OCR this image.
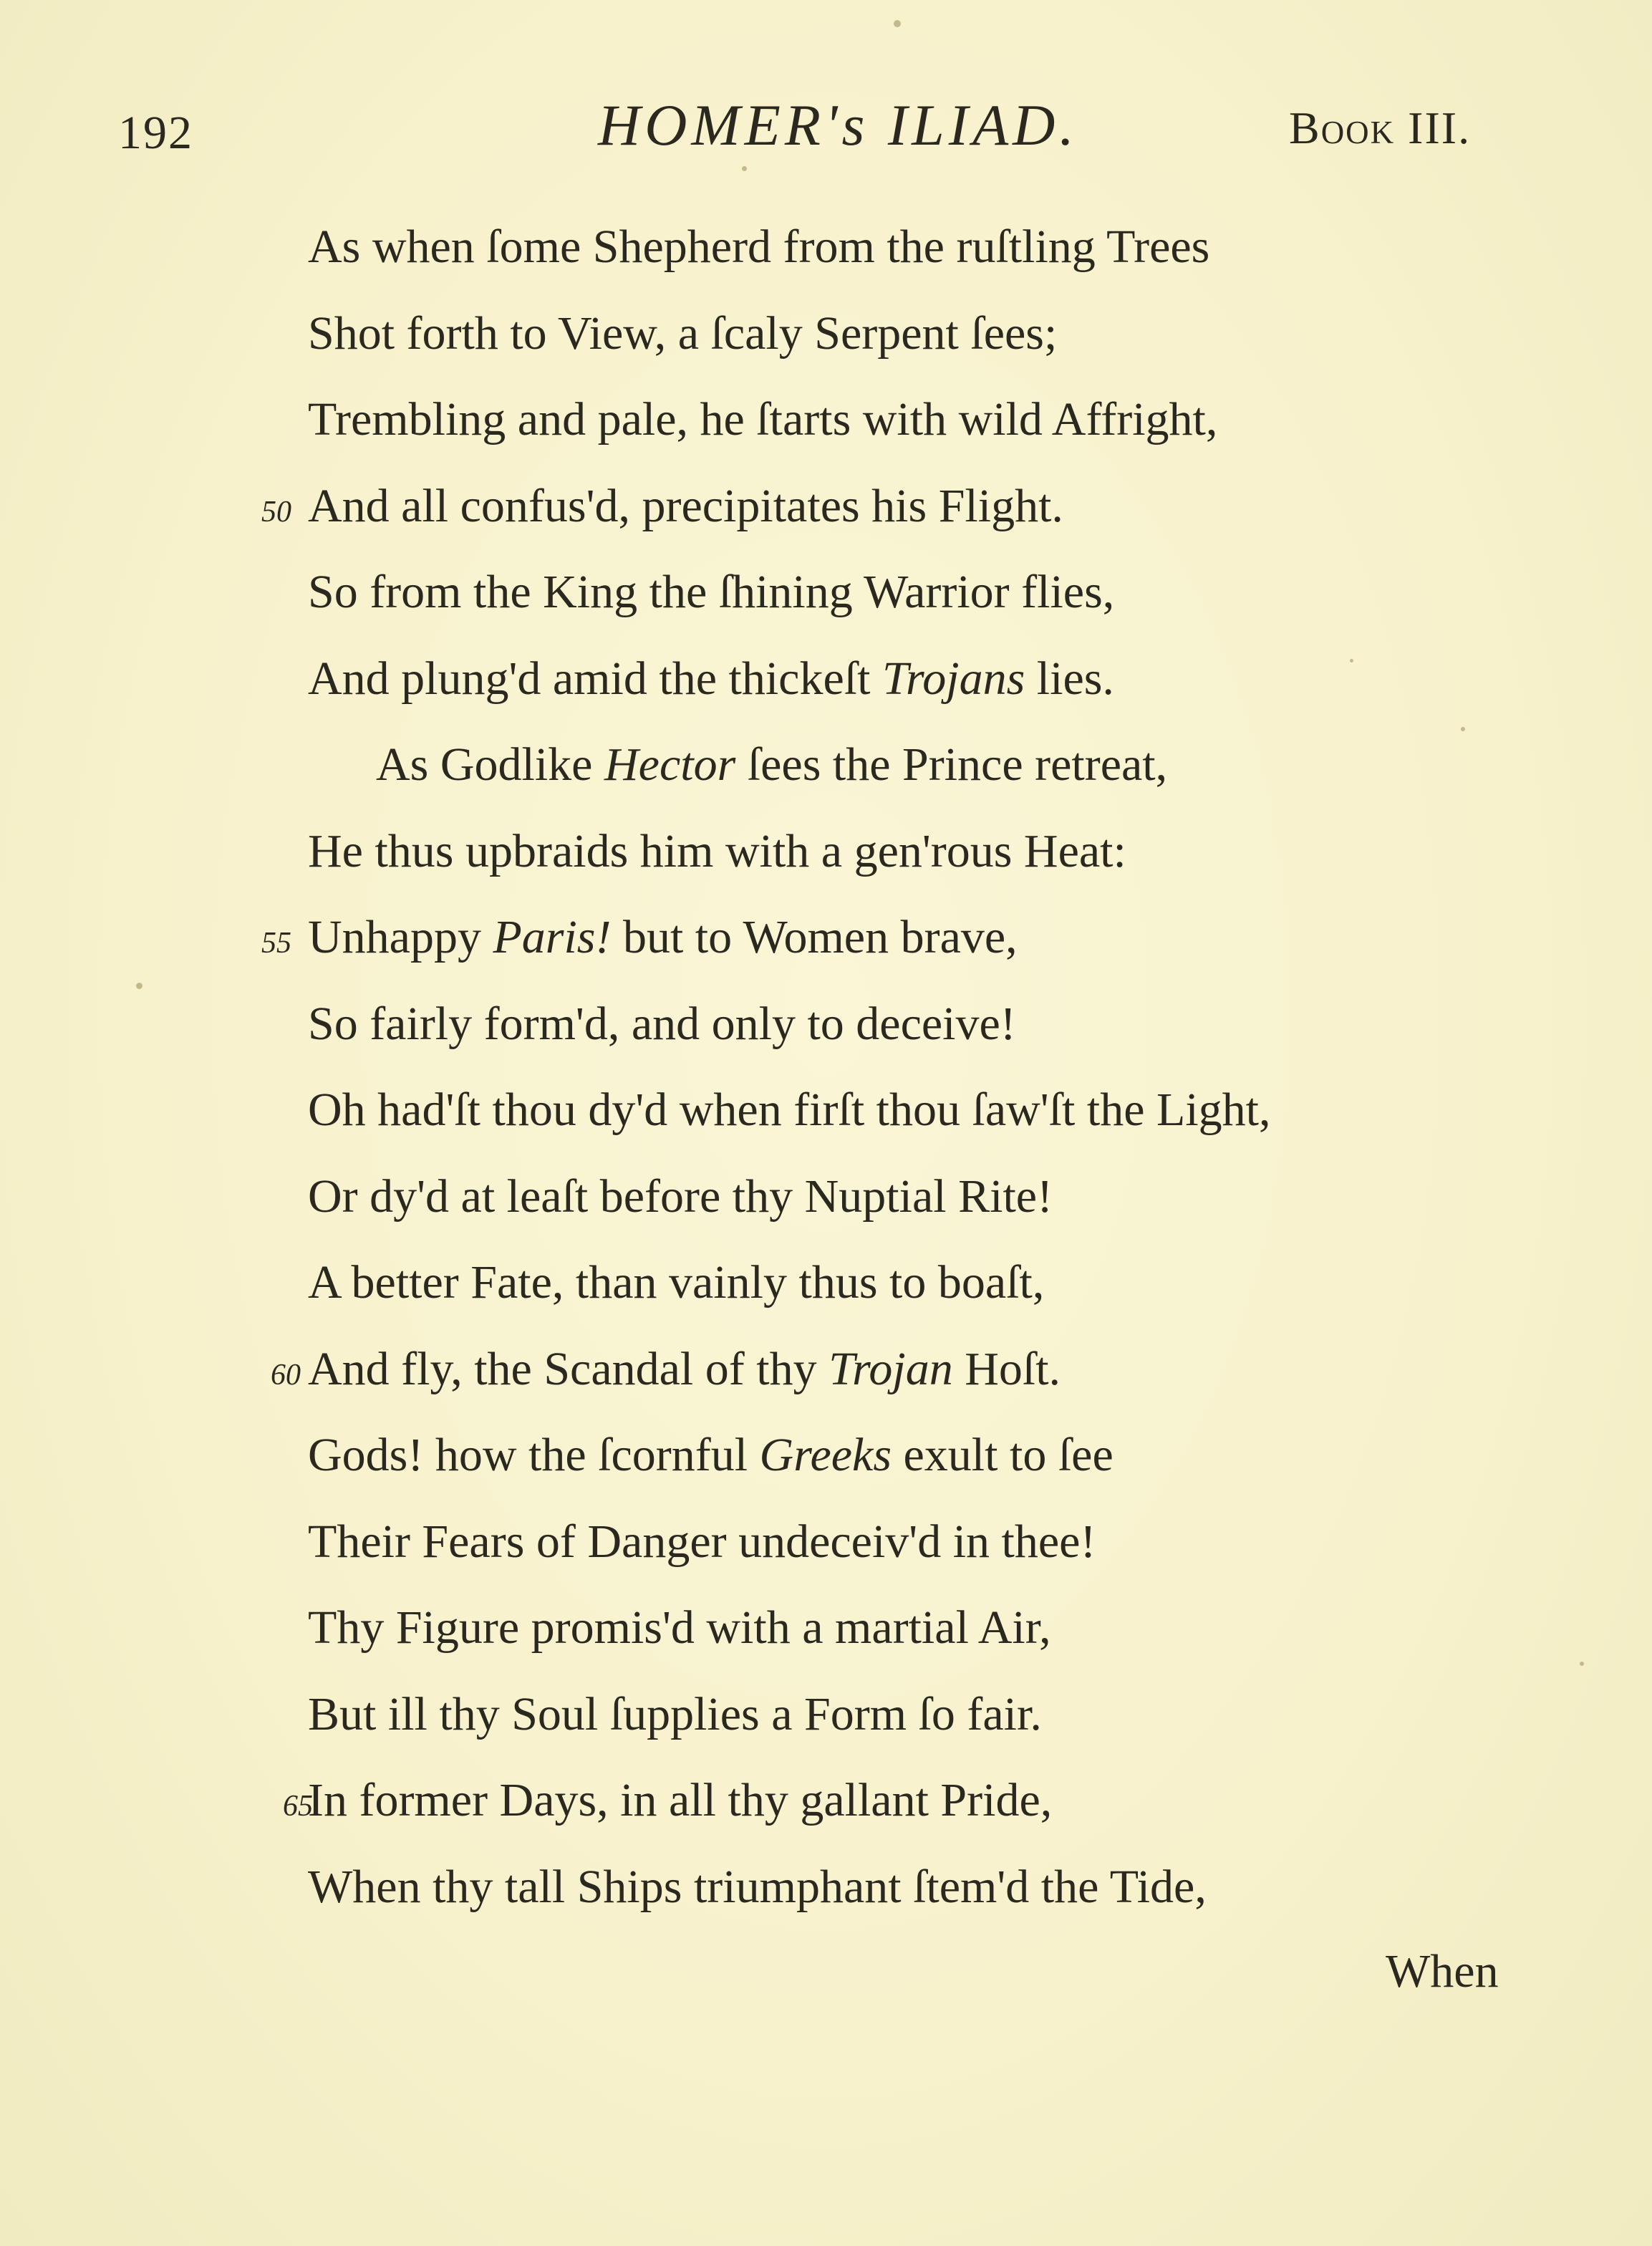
192	HOMER's ILIAD.	Book III.
As when ſome Shepherd from the ruſtling Trees
Shot forth to View, a ſcaly Serpent ſees;
Trembling and pale, he ſtarts with wild Affright,
50 And all confus'd, precipitates his Flight.
So from the King the ſhining Warrior flies,
And plung'd amid the thickeſt Trojans lies.
As Godlike Hector ſees the Prince retreat,
He thus upbraids him with a gen'rous Heat:
55 Unhappy Paris! but to Women brave,
So fairly form'd, and only to deceive!
Oh had'ſt thou dy'd when firſt thou ſaw'ſt the Light,
Or dy'd at leaſt before thy Nuptial Rite!
A better Fate, than vainly thus to boaſt,
60 And fly, the Scandal of thy Trojan Hoſt.
Gods! how the ſcornful Greeks exult to ſee
Their Fears of Danger undeceiv'd in thee!
Thy Figure promis'd with a martial Air,
But ill thy Soul ſupplies a Form ſo fair.
65
In former Days, in all thy gallant Pride,
When thy tall Ships triumphant ſtem'd the Tide,
When
